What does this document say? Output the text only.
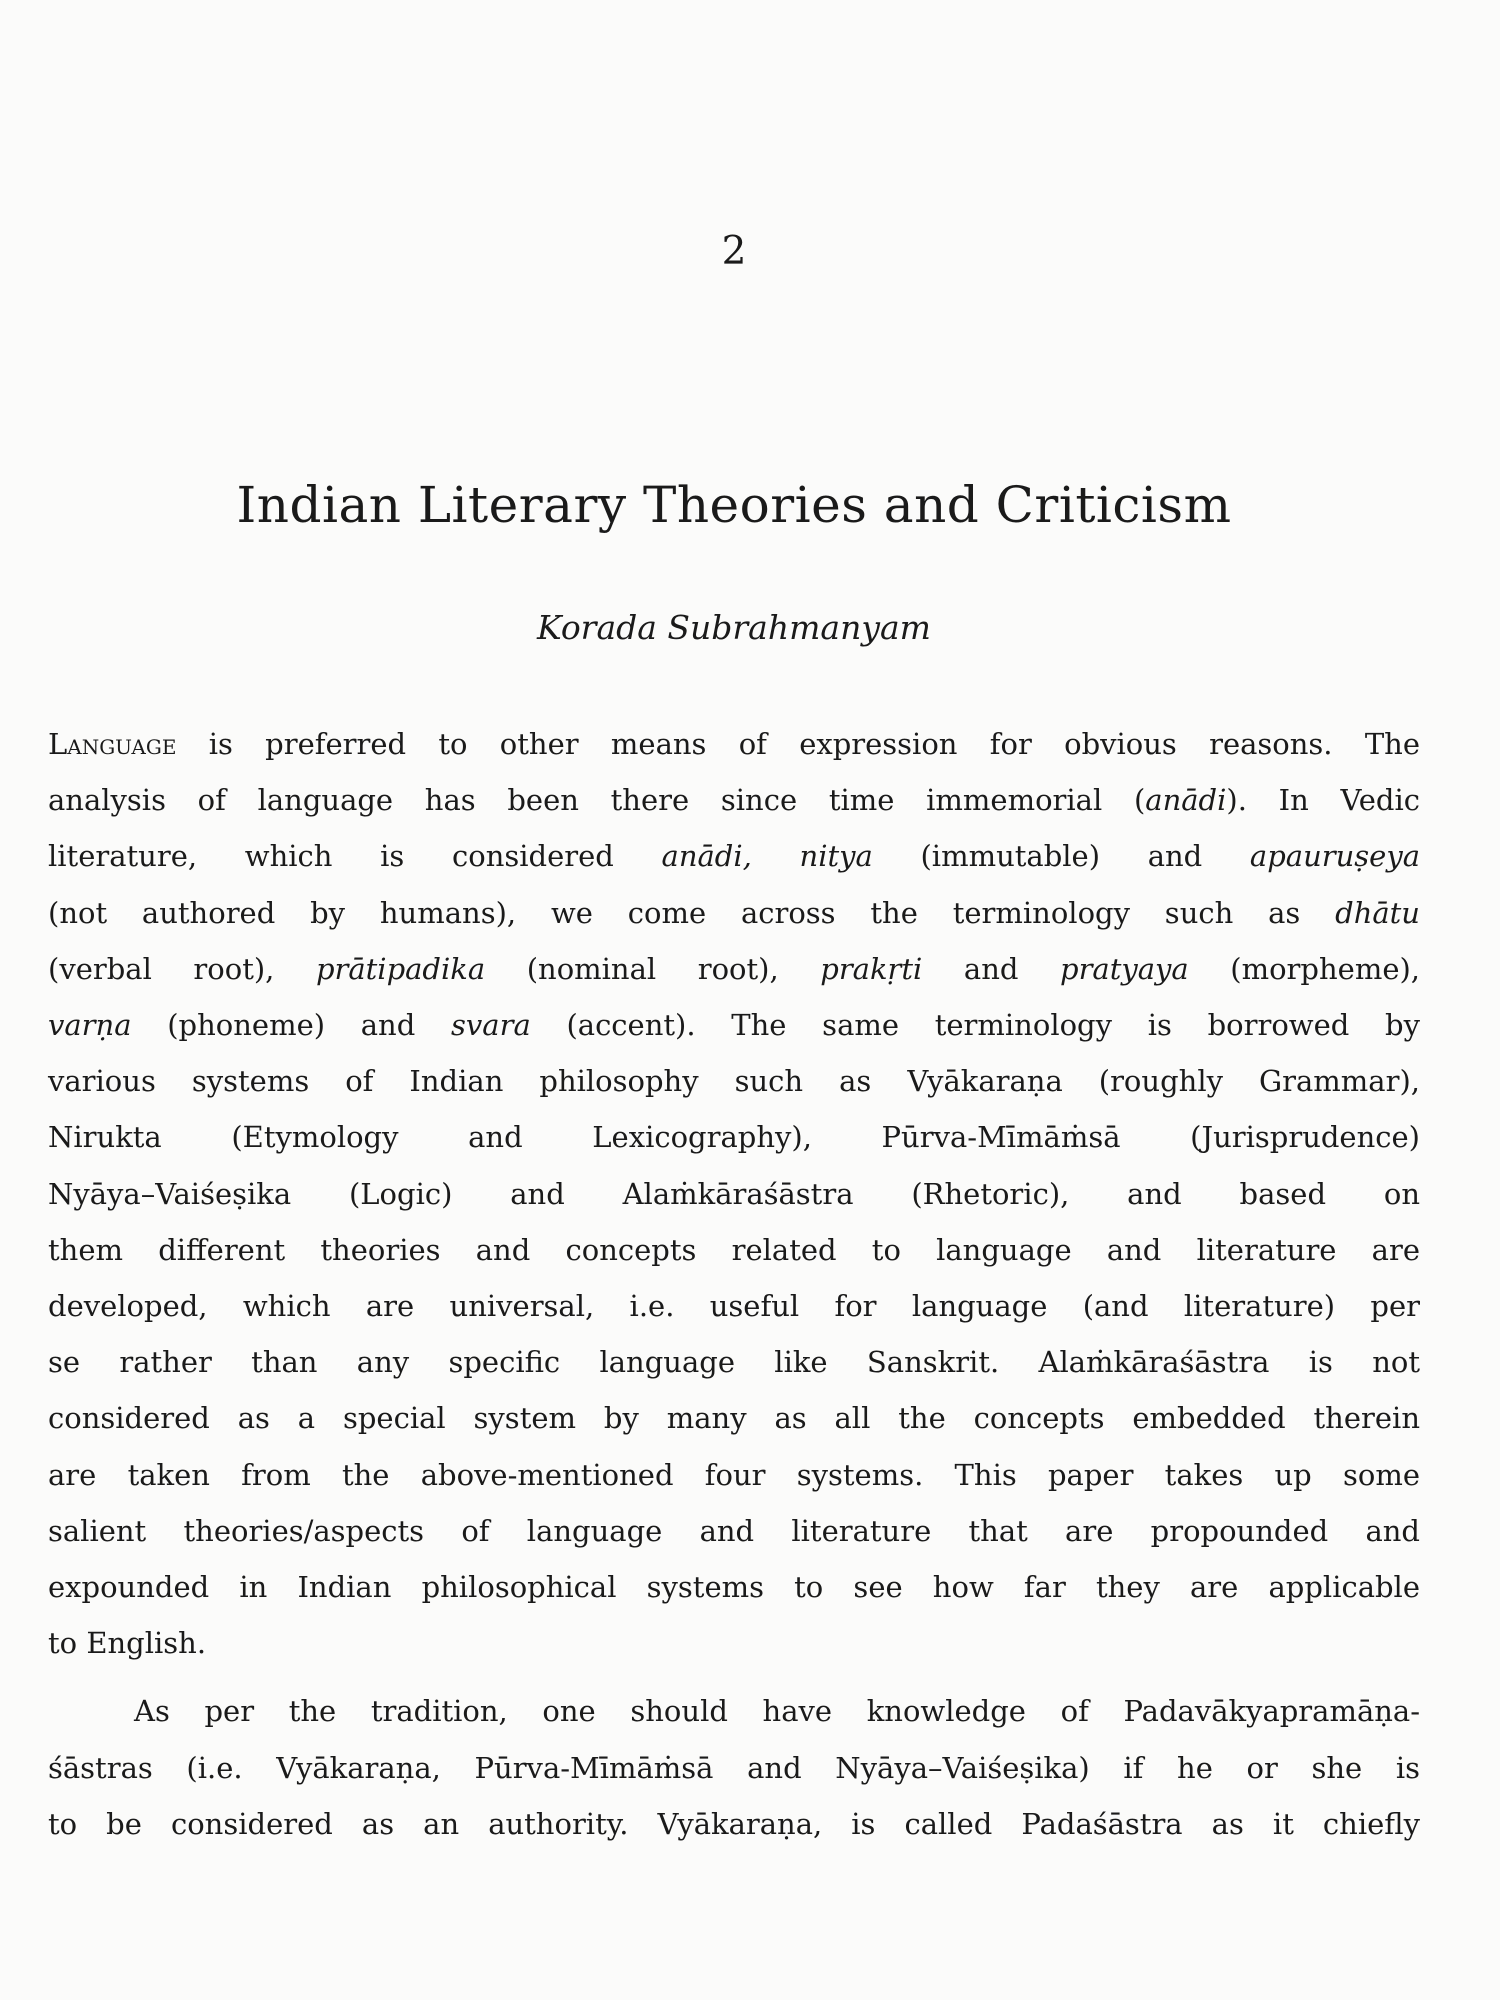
2
Indian Literary Theories and Criticism
Korada Subrahmanyam

Language is preferred to other means of expression for obvious reasons. The
analysis of language has been there since time immemorial (anādi). In Vedic
literature, which is considered anādi, nitya (immutable) and apauruṣeya
(not authored by humans), we come across the terminology such as dhātu
(verbal root), prātipadika (nominal root), prakṛti and pratyaya (morpheme),
varṇa (phoneme) and svara (accent). The same terminology is borrowed by
various systems of Indian philosophy such as Vyākaraṇa (roughly Grammar),
Nirukta (Etymology and Lexicography), Pūrva-Mīmāṁsā (Jurisprudence)
Nyāya–Vaiśeṣika (Logic) and Alaṁkāraśāstra (Rhetoric), and based on
them different theories and concepts related to language and literature are
developed, which are universal, i.e. useful for language (and literature) per
se rather than any specific language like Sanskrit. Alaṁkāraśāstra is not
considered as a special system by many as all the concepts embedded therein
are taken from the above-mentioned four systems. This paper takes up some
salient theories/aspects of language and literature that are propounded and
expounded in Indian philosophical systems to see how far they are applicable
to English.

As per the tradition, one should have knowledge of Padavākyapramāṇa-
śāstras (i.e. Vyākaraṇa, Pūrva-Mīmāṁsā and Nyāya–Vaiśeṣika) if he or she is
to be considered as an authority. Vyākaraṇa, is called Padaśāstra as it chiefly
